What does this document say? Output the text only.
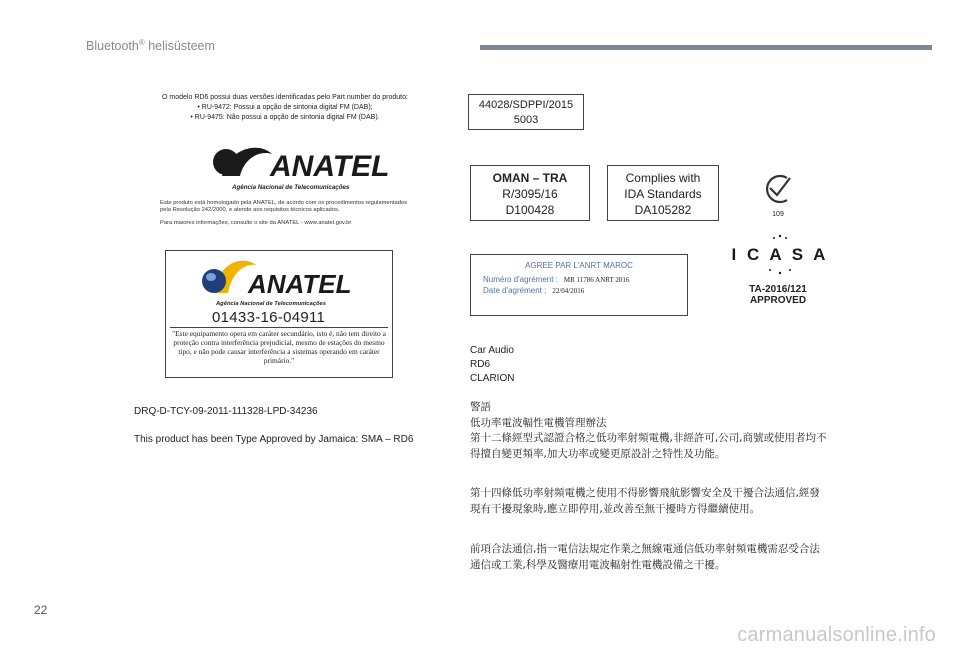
Bluetooth® helisüsteem
O modelo RD6 possui duas versões identificadas pelo Part number do produto:
• RU-9472: Possui a opção de sintonia digital FM (DAB);
• RU-9475: Não possui a opção de sintonia digital FM (DAB).
ANATEL
Agência Nacional de Telecomunicações
Este produto está homologado pela ANATEL, de acordo com os procedimentos regulamentados pela Resolução 242/2000, e atende aos requisitos técnicos aplicados.
Para maiores informações, consulte o site da ANATEL - www.anatel.gov.br
ANATEL
Agência Nacional de Telecomunicações
01433-16-04911
"Este equipamento opera em caráter secundário, isto é, não tem direito a proteção contra interferência prejudicial, mesmo de estações do mesmo tipo, e não pode causar interferência a sistemas operando em caráter primário."
44028/SDPPI/2015
5003
OMAN – TRA
R/3095/16
D100428
Complies with
IDA Standards
DA105282	109
I C A S A
TA-2016/121
APPROVED
AGREE PAR L'ANRT MAROC
Numéro d'agrément : MR 11786 ANRT 2016
Date d'agrément : 22/04/2016
Car Audio
RD6
CLARION
DRQ-D-TCY-09-2011-111328-LPD-34236
This product has been Type Approved by Jamaica: SMA – RD6
警語
低功率電波輻性電機管理辦法
第十二條經型式認證合格之低功率射頻電機,非經許可,公司,商號或使用者均不得擅自變更頻率,加大功率或變更原設計之特性及功能。
第十四條低功率射頻電機之使用不得影響飛航影響安全及干擾合法通信,經發現有干擾現象時,應立即停用,並改善至無干擾時方得繼續使用。
前項合法通信,指一電信法規定作業之無線電通信低功率射頻電機需忍受合法通信或工業,科學及醫療用電波輻射性電機設備之干擾。
22
carmanualsonline.info
